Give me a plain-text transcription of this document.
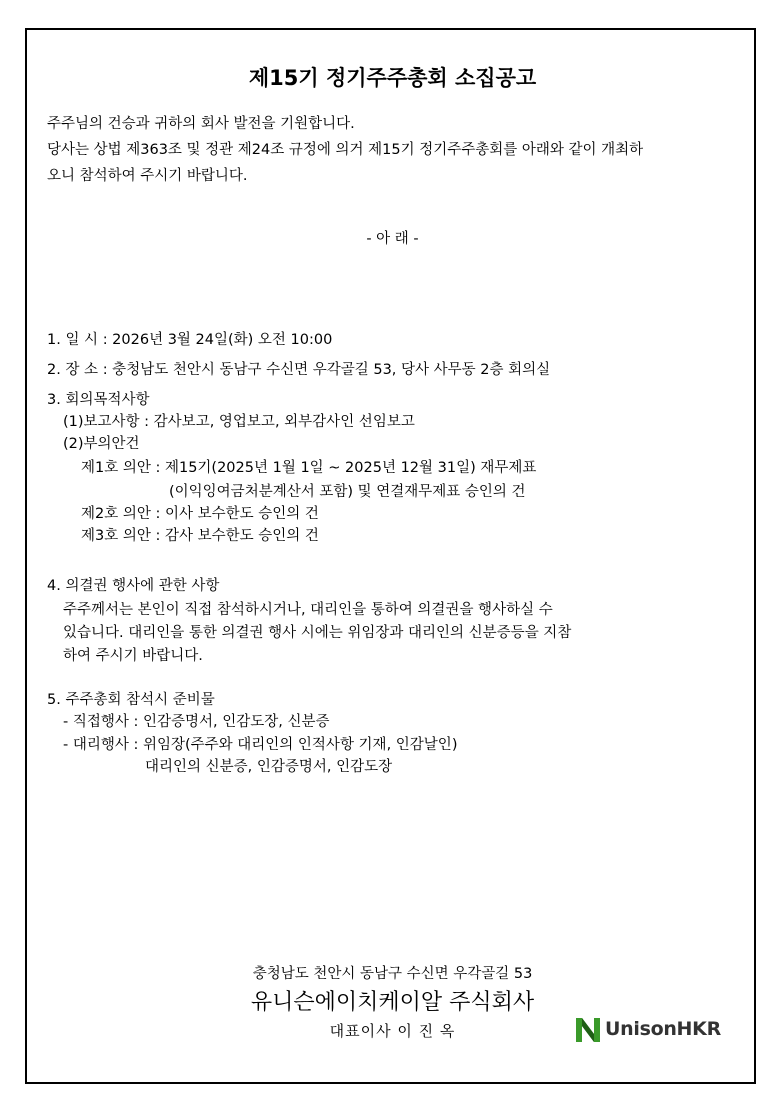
제15기 정기주주총회 소집공고
주주님의 건승과 귀하의 회사 발전을 기원합니다.
당사는 상법 제363조 및 정관 제24조 규정에 의거 제15기 정기주주총회를 아래와 같이 개최하
오니 참석하여 주시기 바랍니다.
- 아 래 -
1. 일 시 : 2026년 3월 24일(화) 오전 10:00
2. 장 소 : 충청남도 천안시 동남구 수신면 우각골길 53, 당사 사무동 2층 회의실
3. 회의목적사항
(1)보고사항 : 감사보고, 영업보고, 외부감사인 선임보고
(2)부의안건
제1호 의안 : 제15기(2025년 1월 1일 ~ 2025년 12월 31일) 재무제표
(이익잉여금처분계산서 포함) 및 연결재무제표 승인의 건
제2호 의안 : 이사 보수한도 승인의 건
제3호 의안 : 감사 보수한도 승인의 건
4. 의결권 행사에 관한 사항
주주께서는 본인이 직접 참석하시거나, 대리인을 통하여 의결권을 행사하실 수
있습니다. 대리인을 통한 의결권 행사 시에는 위임장과 대리인의 신분증등을 지참
하여 주시기 바랍니다.
5. 주주총회 참석시 준비물
- 직접행사 : 인감증명서, 인감도장, 신분증
- 대리행사 : 위임장(주주와 대리인의 인적사항 기재, 인감날인)
대리인의 신분증, 인감증명서, 인감도장
충청남도 천안시 동남구 수신면 우각골길 53
유니슨에이치케이알 주식회사
대표이사 이 진 옥	UnisonHKR
